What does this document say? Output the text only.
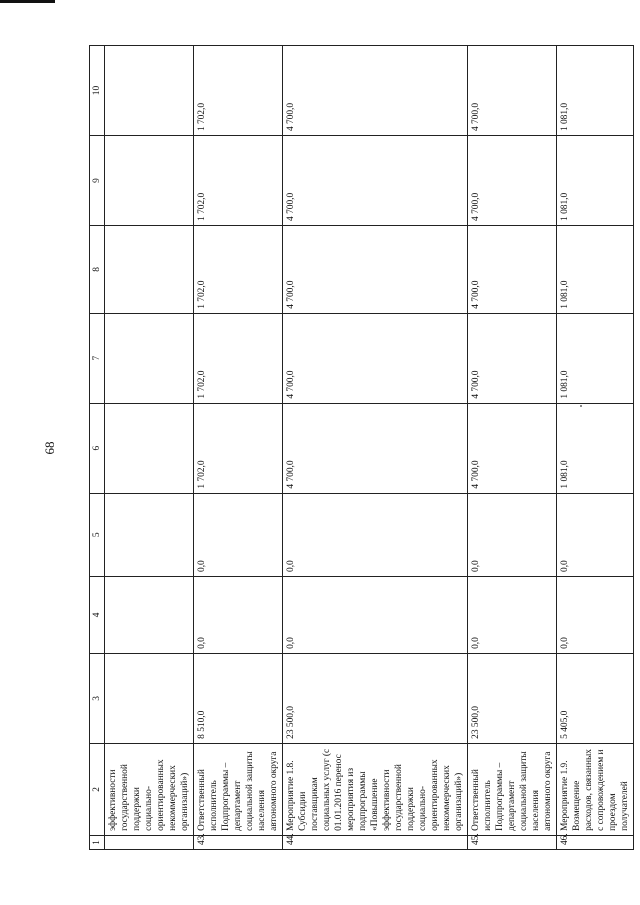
68
1	2	3	4	5	6	7	8	9	10
	эффективности государственной поддержки социально-ориентированных некоммерческих организаций»)								
43.	Ответственный исполнитель Подпрограммы – департамент социальной защиты населения автономного округа	8 510,0	0,0	0,0	1 702,0	1 702,0	1 702,0	1 702,0	1 702,0
44.	Мероприятие 1.8. Субсидии поставщикам социальных услуг (с 01.01.2016 перенос мероприятия из подпрограммы «Повышение эффективности государственной поддержки социально-ориентированных некоммерческих организаций»)	23 500,0	0,0	0,0	4 700,0	4 700,0	4 700,0	4 700,0	4 700,0
45.	Ответственный исполнитель Подпрограммы – департамент социальной защиты населения автономного округа	23 500,0	0,0	0,0	4 700,0	4 700,0	4 700,0	4 700,0	4 700,0
46.	Мероприятие 1.9. Возмещение расходов, связанных с сопровождением и проездом получателей	5 405,0	0,0	0,0	1 081,0	1 081,0	1 081,0	1 081,0	1 081,0
